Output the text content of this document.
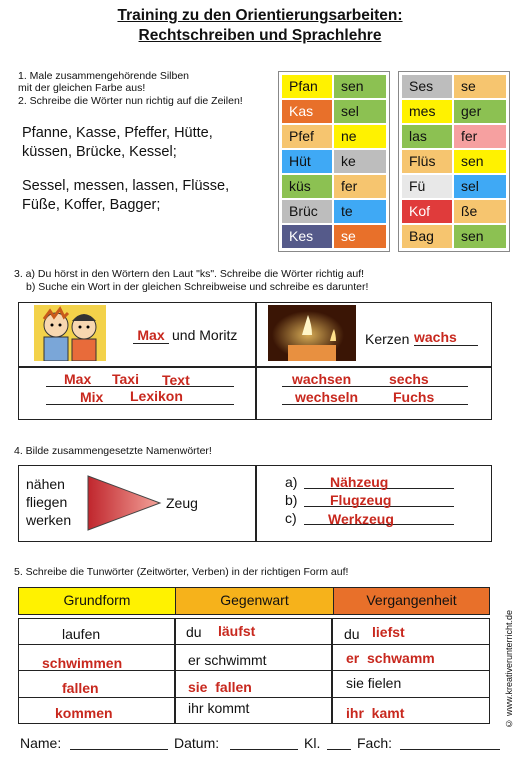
Training zu den Orientierungsarbeiten:
Rechtschreiben und Sprachlehre
1. Male zusammengehörende Silben
mit der gleichen Farbe aus!
2. Schreibe die Wörter nun richtig auf die Zeilen!
Pfanne, Kasse, Pfeffer, Hütte,
küssen, Brücke, Kessel;
Sessel, messen, lassen, Flüsse,
Füße, Koffer, Bagger;
Pfan	sen
Kas	sel
Pfef	ne
Hüt	ke
küs	fer
Brüc	te
Kes	se
Ses	se
mes	ger
las	fer
Flüs	sen
Fü	sel
Kof	ße
Bag	sen
3. a) Du hörst in den Wörtern den Laut "ks". Schreibe die Wörter richtig auf!
b) Suche ein Wort in der gleichen Schreibweise und schreibe es darunter!
Max und Moritz	Kerzen wachs
Max Taxi Text
Mix Lexikon
wachsen	sechs
wechseln Fuchs
4. Bilde zusammengesetzte Namenwörter!
nähen
fliegen
werken
Zeug
a)
b)
c)
Nähzeug
Flugzeug
Werkzeug
5. Schreibe die Tunwörter (Zeitwörter, Verben) in der richtigen Form auf!
Grundform	Gegenwart	Vergangenheit
laufen	du läufst	du liefst
schwimmen	er schwimmt	er  schwamm
fallen	sie  fallen	sie fielen
kommen	ihr kommt	ihr  kamt
Name:	Datum:	Kl.	Fach:
© www.kreativerunterricht.de
